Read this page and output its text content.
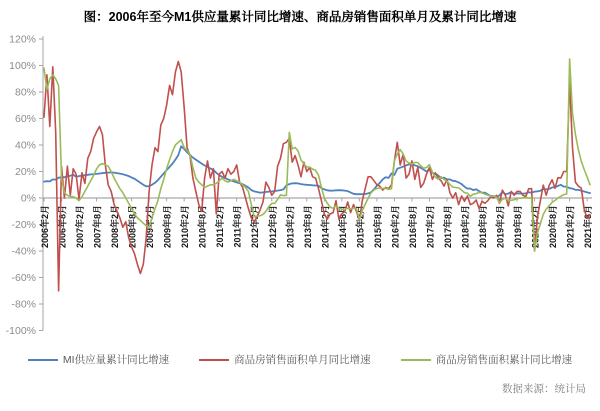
图：2006年至今M1供应量累计同比增速、商品房销售面积单月及累计同比增速
120%
100%
80%
60%
40%
20%
0%
-20%
-40%
-60%
-80%
-100%
2006年2月 2006年8月 2007年2月 2007年8月 2008年2月 2008年8月 2009年2月 2009年8月 2010年2月 2010年8月 2011年2月 2011年8月 2012年2月 2012年8月 2013年2月 2013年8月 2014年2月 2014年8月 2015年2月 2015年8月 2016年2月 2016年8月 2017年2月 2017年8月 2018年2月 2018年8月 2019年2月 2019年8月 2020年2月 2020年8月 2021年2月 2021年8月
MI供应量累计同比增速	商品房销售面积单月同比增速	商品房销售面积累计同比增速
数据来源：统计局
